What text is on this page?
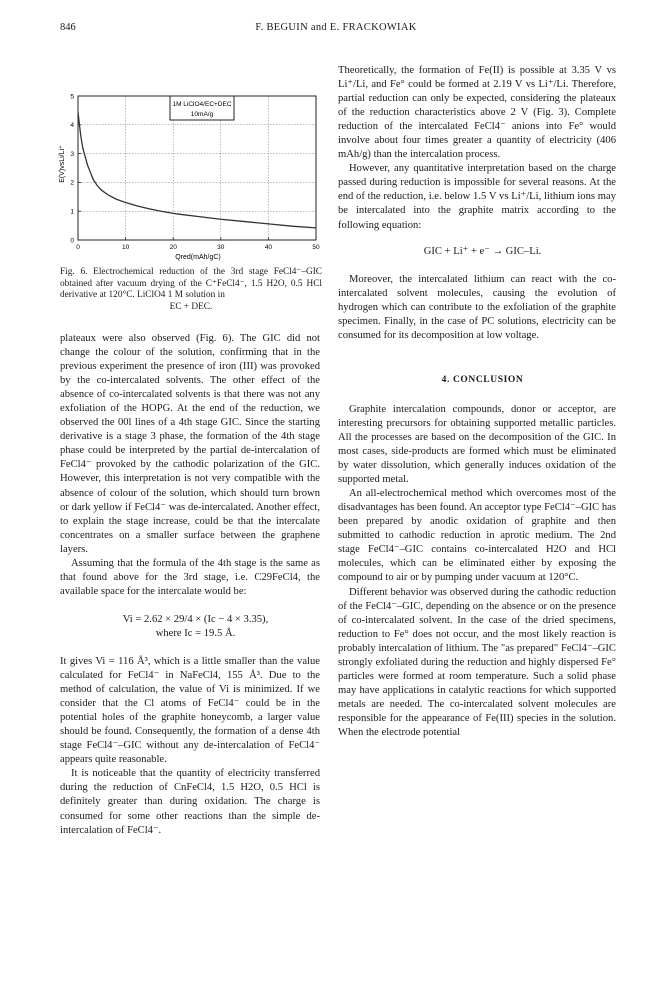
846	F. BEGUIN and E. FRACKOWIAK
0	10	20	30	40	50
0
1
2
3
4
5
1M LiClO4/EC+DEC
10mA/g
E(V)vsLi/Li⁺
Qred(mAh/gC)
Fig. 6. Electrochemical reduction of the 3rd stage FeCl4⁻–GIC obtained after vacuum drying of the C⁺FeCl4⁻, 1.5 H2O, 0.5 HCl derivative at 120°C. LiClO4 1 M solution in
EC + DEC.

plateaux were also observed (Fig. 6). The GIC did not change the colour of the solution, confirming that in the previous experiment the presence of iron (III) was provoked by the co-intercalated solvents. The other effect of the absence of co-intercalated solvents is that there was not any exfoliation of the HOPG. At the end of the reduction, we observed the 00l lines of a 4th stage GIC. Since the starting derivative is a stage 3 phase, the formation of the 4th stage phase could be interpreted by the partial de-intercalation of FeCl4⁻ provoked by the cathodic polarization of the GIC. However, this interpretation is not very compatible with the absence of colour of the solution, which should turn brown or dark yellow if FeCl4⁻ was de-intercalated. Another effect, to explain the stage increase, could be that the intercalate concentrates on a smaller surface between the graphene layers.

Assuming that the formula of the 4th stage is the same as that found above for the 3rd stage, i.e. C29FeCl4, the available space for the intercalate would be:

Vi = 2.62 × 29/4 × (Ic − 4 × 3.35),

where Ic = 19.5 Å.

It gives Vi = 116 Å³, which is a little smaller than the value calculated for FeCl4⁻ in NaFeCl4, 155 Å³. Due to the method of calculation, the value of Vi is minimized. If we consider that the Cl atoms of FeCl4⁻ could be in the potential holes of the graphite honeycomb, a larger value should be found. Consequently, the formation of a dense 4th stage FeCl4⁻–GIC without any de-intercalation of FeCl4⁻ appears quite reasonable.

It is noticeable that the quantity of electricity transferred during the reduction of CnFeCl4, 1.5 H2O, 0.5 HCl is definitely greater than during oxidation. The charge is consumed for some other reactions than the simple de-intercalation of FeCl4⁻.

Theoretically, the formation of Fe(II) is possible at 3.35 V vs Li⁺/Li, and Fe° could be formed at 2.19 V vs Li⁺/Li. Therefore, partial reduction can only be expected, considering the plateaux of the reduction characteristics above 2 V (Fig. 3). Complete reduction of the intercalated FeCl4⁻ anions into Fe° would involve about four times greater a quantity of electricity (406 mAh/g) than the intercalation process.

However, any quantitative interpretation based on the charge passed during reduction is impossible for several reasons. At the end of the reduction, i.e. below 1.5 V vs Li⁺/Li, lithium ions may be intercalated into the graphite matrix according to the following equation:

GIC + Li⁺ + e⁻ → GIC–Li.

Moreover, the intercalated lithium can react with the co-intercalated solvent molecules, causing the evolution of hydrogen which can contribute to the exfoliation of the graphite specimen. Finally, in the case of PC solutions, electricity can be consumed for its decomposition at low voltage.

4. CONCLUSION

Graphite intercalation compounds, donor or acceptor, are interesting precursors for obtaining supported metallic particles. All the processes are based on the decomposition of the GIC. In most cases, side-products are formed which must be eliminated by water dissolution, which generally induces oxidation of the supported metal.

An all-electrochemical method which overcomes most of the disadvantages has been found. An acceptor type FeCl4⁻–GIC has been prepared by anodic oxidation of graphite and then submitted to cathodic reduction in aprotic medium. The 2nd stage FeCl4⁻–GIC contains co-intercalated H2O and HCl molecules, which can be eliminated either by exposing the compound to air or by pumping under vacuum at 120°C.

Different behavior was observed during the cathodic reduction of the FeCl4⁻–GIC, depending on the absence or on the presence of co-intercalated solvent. In the case of the dried specimens, reduction to Fe° does not occur, and the most likely reaction is probably intercalation of lithium. The "as prepared" FeCl4⁻–GIC strongly exfoliated during the reduction and highly dispersed Fe° particles were formed at room temperature. Such a solid phase may have applications in catalytic reactions for which supported metals are needed. The co-intercalated solvent molecules are responsible for the appearance of Fe(III) species in the solution. When the electrode potential
